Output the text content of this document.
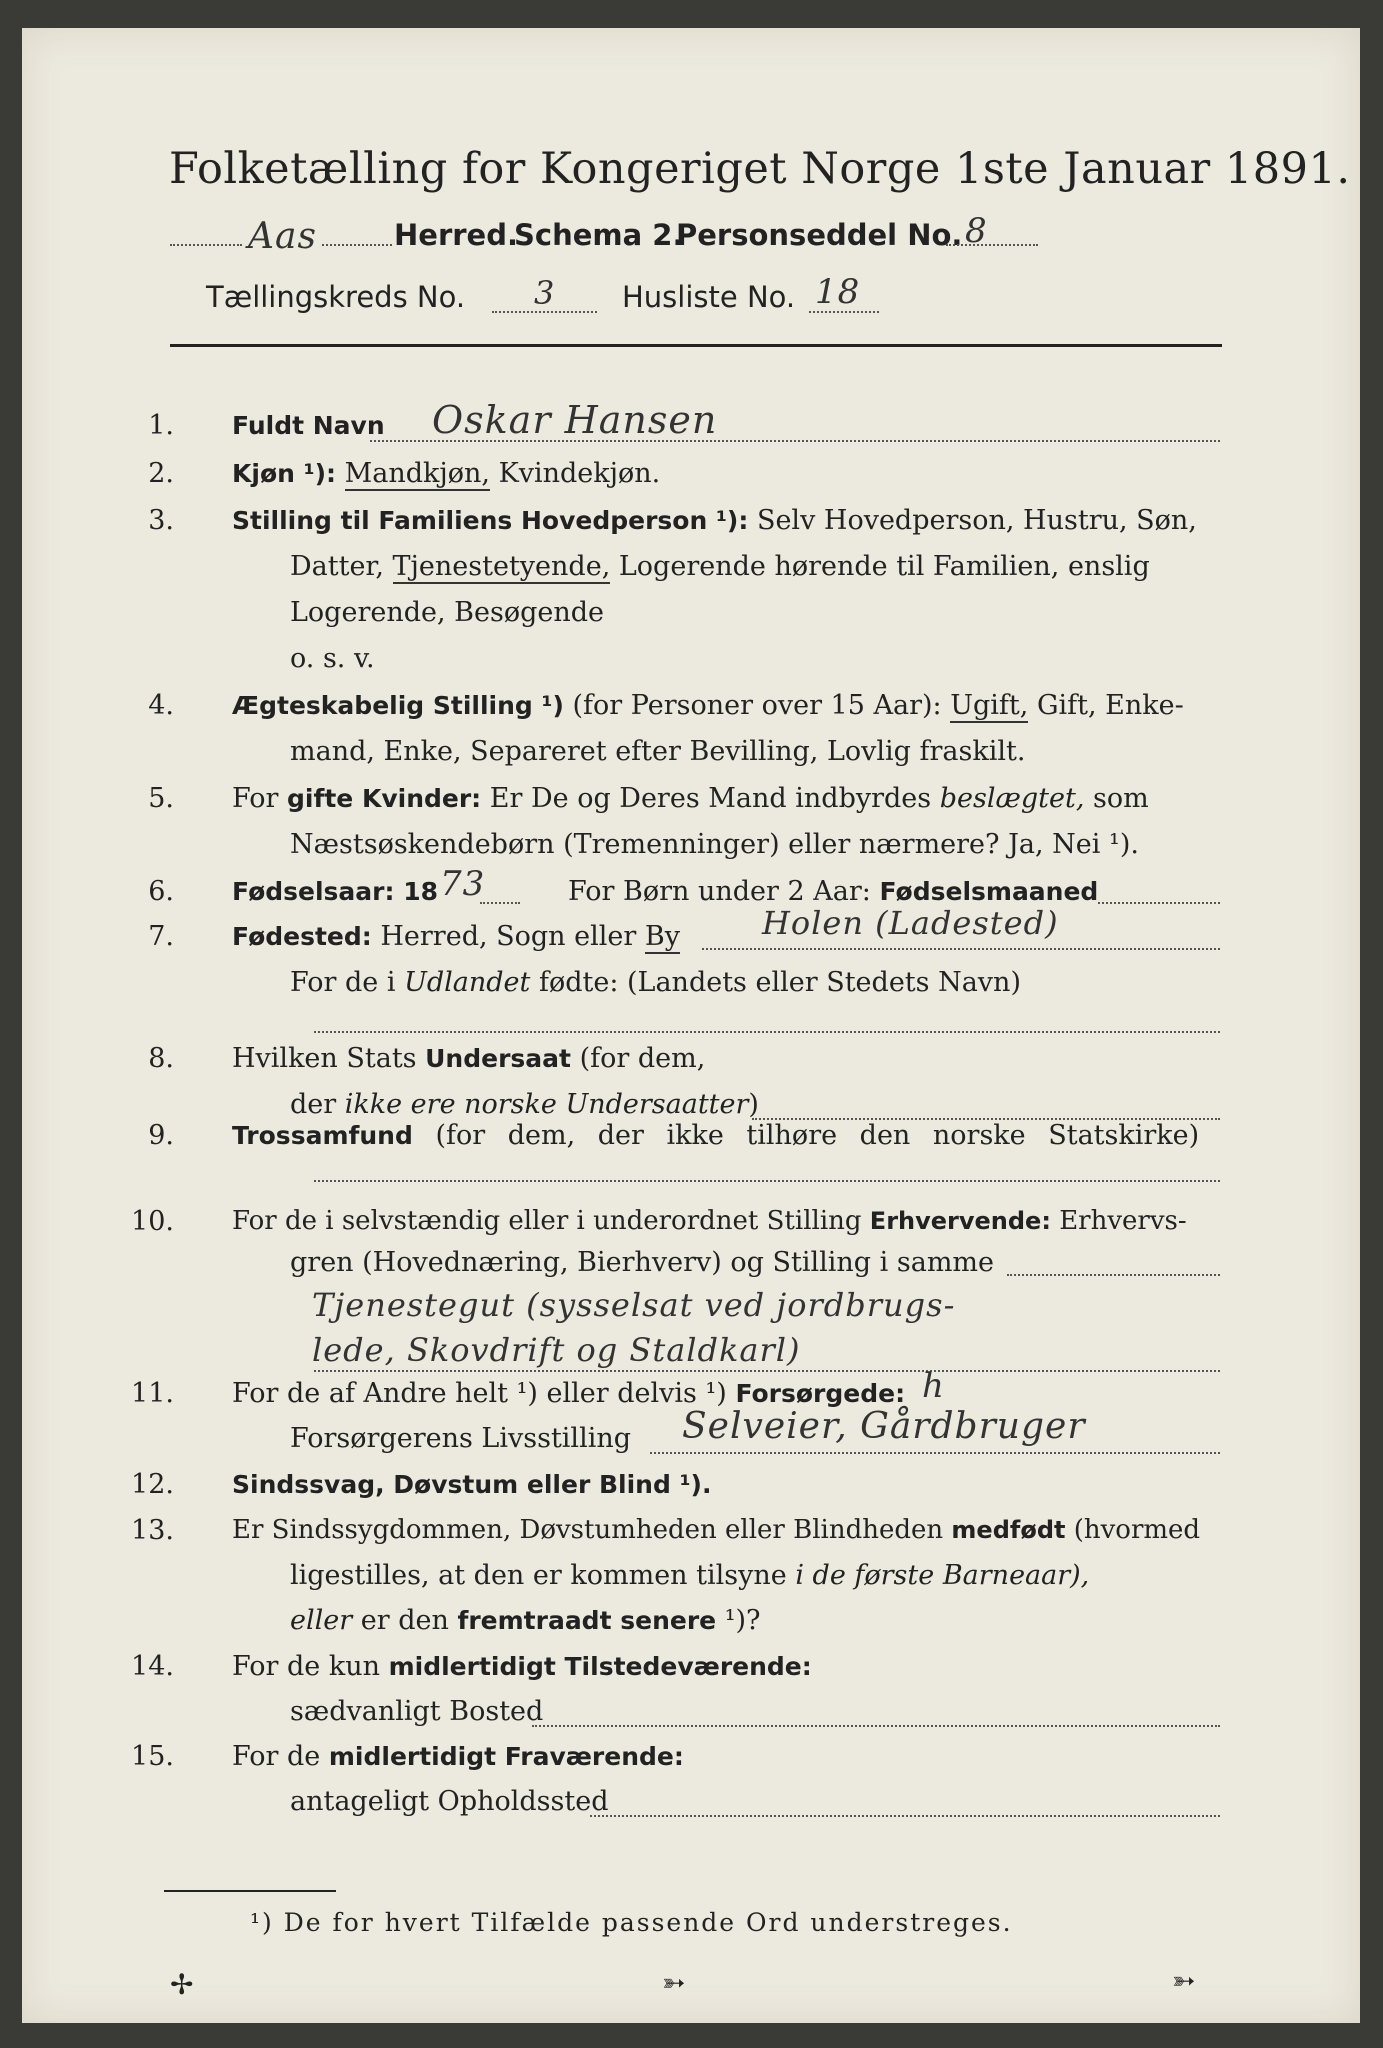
Folketælling for Kongeriget Norge 1ste Januar 1891.
Aas	Herred.
Schema 2.
Personseddel No. 8
Tællingskreds No. 3 Husliste No. 18
1. Fuldt Navn Oskar Hansen
2. Kjøn ¹): Mandkjøn, Kvindekjøn.
3. Stilling til Familiens Hovedperson ¹): Selv Hovedperson, Hustru, Søn,
Datter, Tjenestetyende, Logerende hørende til Familien, enslig
Logerende, Besøgende
o. s. v.
4. Ægteskabelig Stilling ¹) (for Personer over 15 Aar): Ugift, Gift, Enke-
mand, Enke, Separeret efter Bevilling, Lovlig fraskilt.
5. For gifte Kvinder: Er De og Deres Mand indbyrdes beslægtet, som
Næstsøskendebørn (Tremenninger) eller nærmere? Ja, Nei ¹).
6. Fødselsaar: 18 73	For Børn under 2 Aar: Fødselsmaaned
7. Fødested: Herred, Sogn eller By	Holen (Ladested)
For de i Udlandet fødte: (Landets eller Stedets Navn)
8. Hvilken Stats Undersaat (for dem,
der ikke ere norske Undersaatter)
9. Trossamfund (for dem, der ikke tilhøre den norske Statskirke)
10. For de i selvstændig eller i underordnet Stilling Erhvervende: Erhvervs-
gren (Hovednæring, Bierhverv) og Stilling i samme
Tjenestegut (sysselsat ved jordbrugs-
lede, Skovdrift og Staldkarl)
11. For de af Andre helt ¹) eller delvis ¹) Forsørgede: h
Forsørgerens Livsstilling Selveier, Gårdbruger
12. Sindssvag, Døvstum eller Blind ¹).
13. Er Sindssygdommen, Døvstumheden eller Blindheden medfødt (hvormed
ligestilles, at den er kommen tilsyne i de første Barneaar),
eller er den fremtraadt senere ¹)?
14. For de kun midlertidigt Tilstedeværende:
sædvanligt Bosted
15. For de midlertidigt Fraværende:
antageligt Opholdssted
¹) De for hvert Tilfælde passende Ord understreges.
✢	➳	➳
